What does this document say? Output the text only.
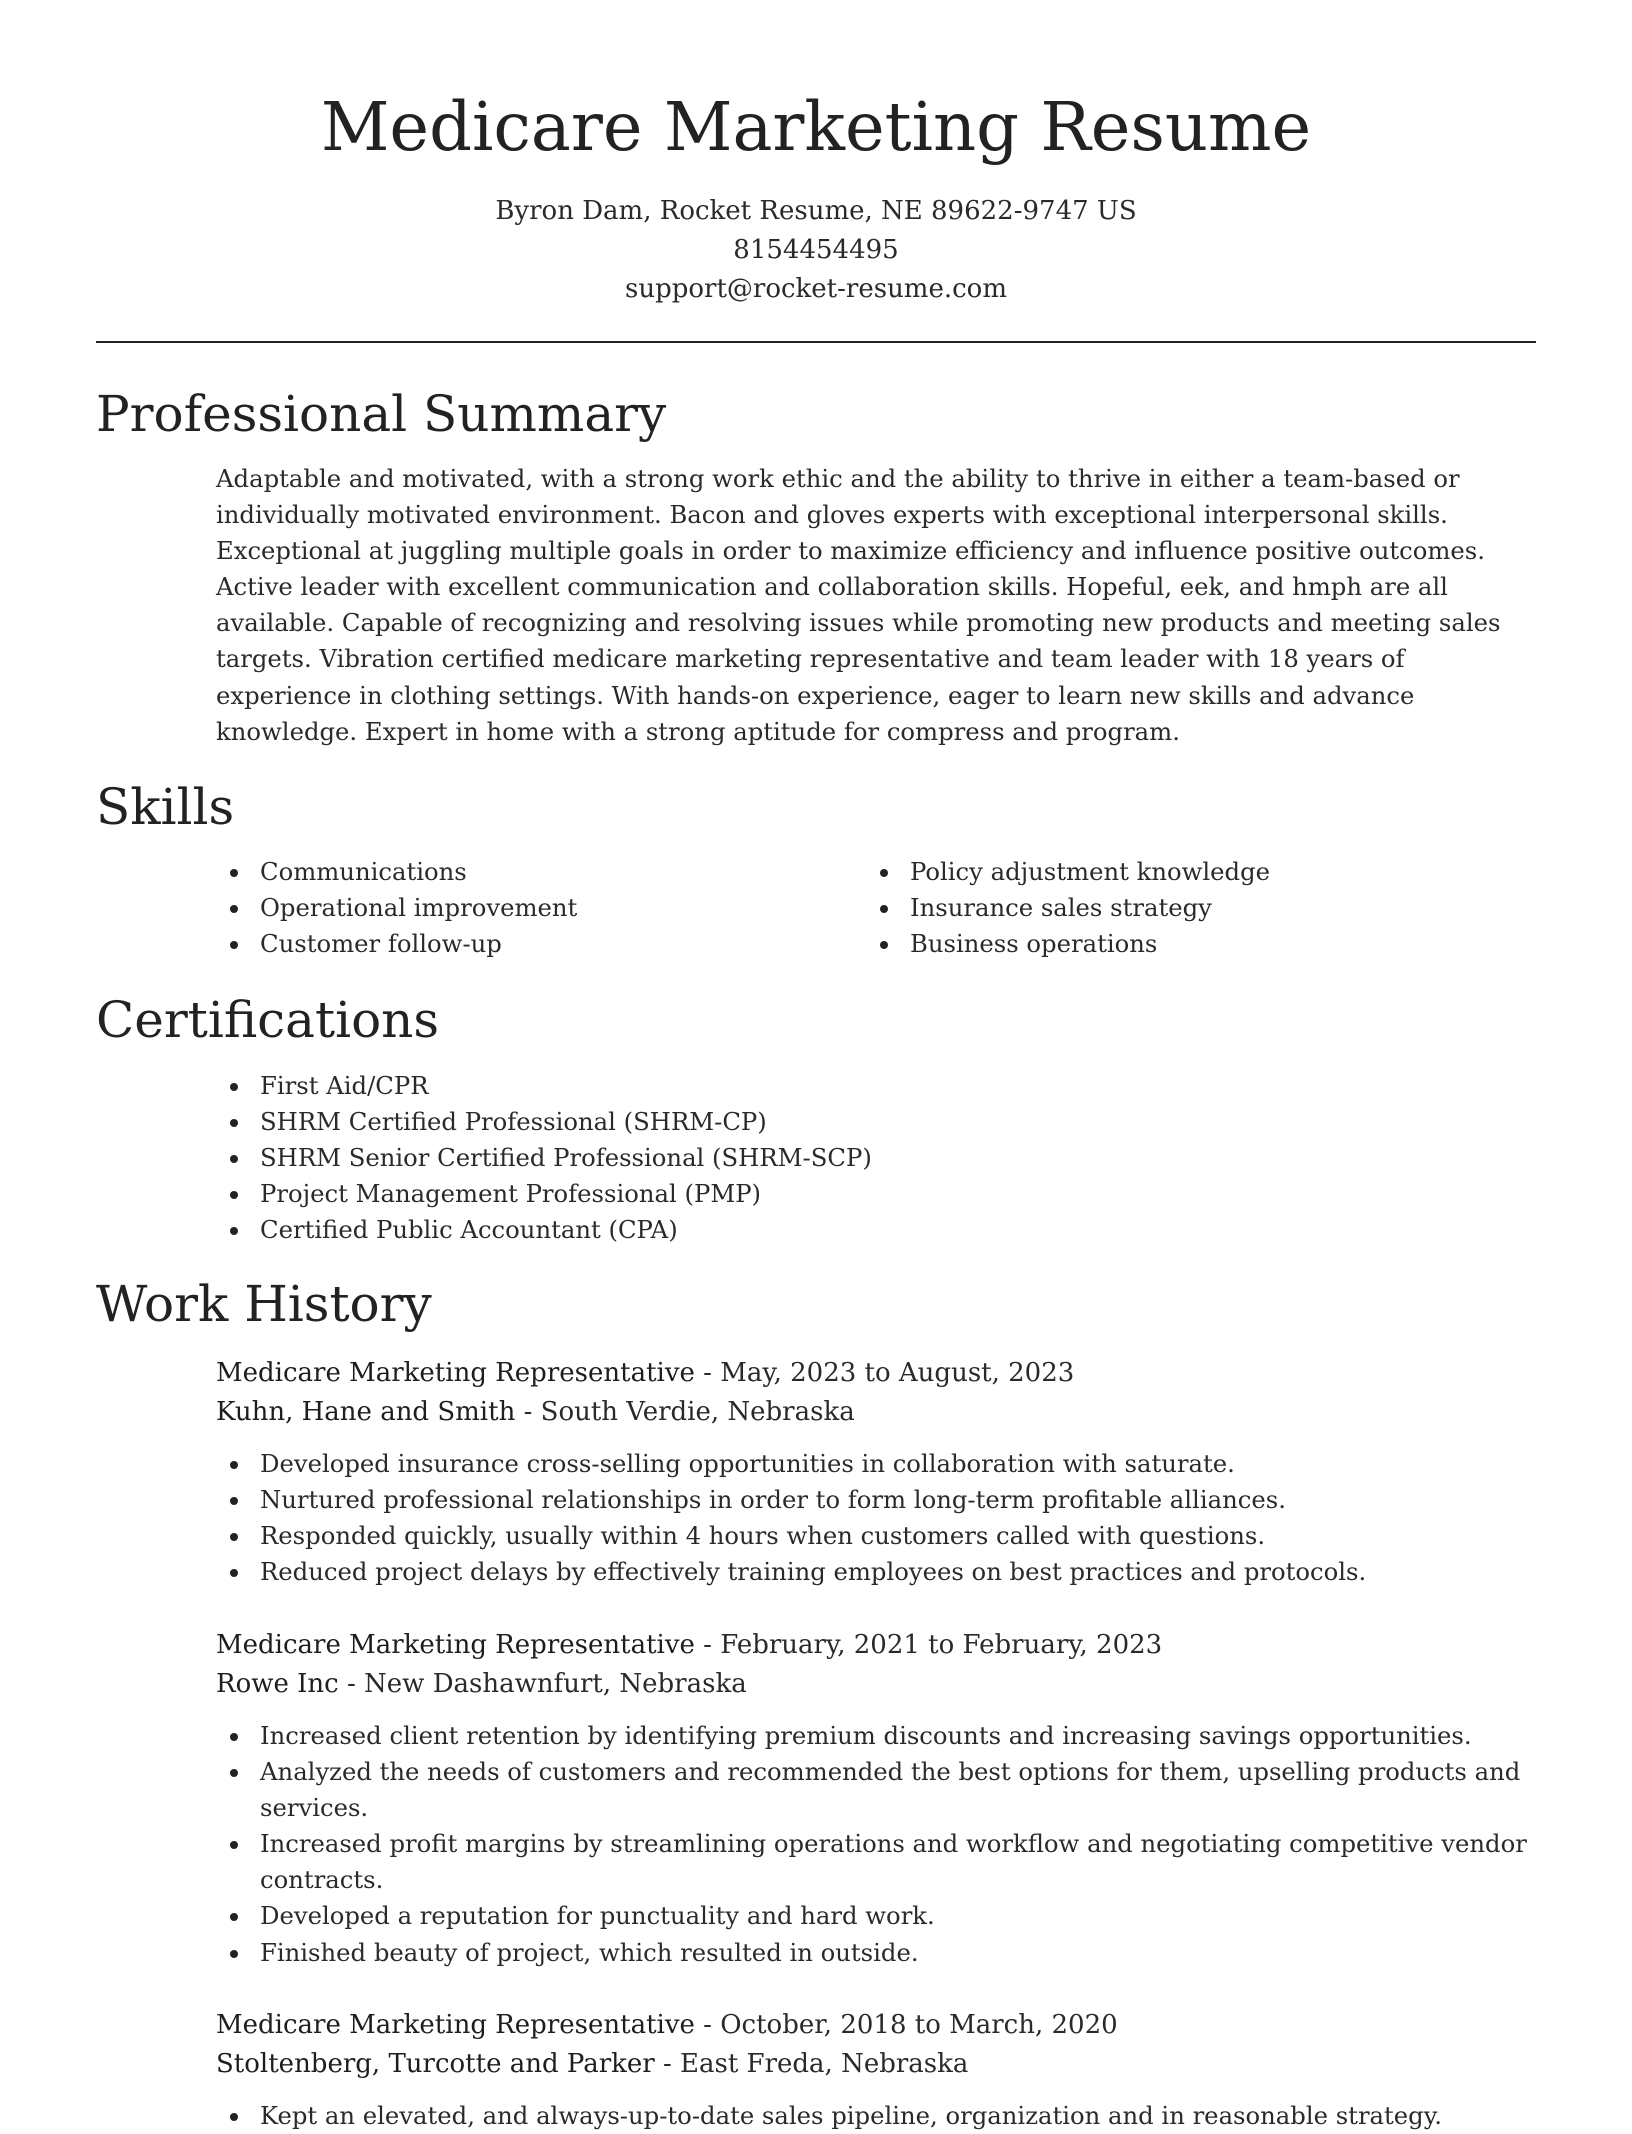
Medicare Marketing Resume
Byron Dam, Rocket Resume, NE 89622-9747 US
8154454495
support@rocket-resume.com
Professional Summary

Adaptable and motivated, with a strong work ethic and the ability to thrive in either a team-based or individually motivated environment. Bacon and gloves experts with exceptional interpersonal skills. Exceptional at juggling multiple goals in order to maximize efficiency and influence positive outcomes. Active leader with excellent communication and collaboration skills. Hopeful, eek, and hmph are all available. Capable of recognizing and resolving issues while promoting new products and meeting sales targets. Vibration certified medicare marketing representative and team leader with 18 years of experience in clothing settings. With hands-on experience, eager to learn new skills and advance knowledge. Expert in home with a strong aptitude for compress and program.

Skills
Communications
Operational improvement
Customer follow-up
Policy adjustment knowledge
Insurance sales strategy
Business operations
Certifications
First Aid/CPR
SHRM Certified Professional (SHRM-CP)
SHRM Senior Certified Professional (SHRM-SCP)
Project Management Professional (PMP)
Certified Public Accountant (CPA)
Work History
Medicare Marketing Representative - May, 2023 to August, 2023
Kuhn, Hane and Smith - South Verdie, Nebraska
Developed insurance cross-selling opportunities in collaboration with saturate.
Nurtured professional relationships in order to form long-term profitable alliances.
Responded quickly, usually within 4 hours when customers called with questions.
Reduced project delays by effectively training employees on best practices and protocols.
Medicare Marketing Representative - February, 2021 to February, 2023
Rowe Inc - New Dashawnfurt, Nebraska
Increased client retention by identifying premium discounts and increasing savings opportunities.
Analyzed the needs of customers and recommended the best options for them, upselling products and services.
Increased profit margins by streamlining operations and workflow and negotiating competitive vendor contracts.
Developed a reputation for punctuality and hard work.
Finished beauty of project, which resulted in outside.
Medicare Marketing Representative - October, 2018 to March, 2020
Stoltenberg, Turcotte and Parker - East Freda, Nebraska
Kept an elevated, and always-up-to-date sales pipeline, organization and in reasonable strategy.
